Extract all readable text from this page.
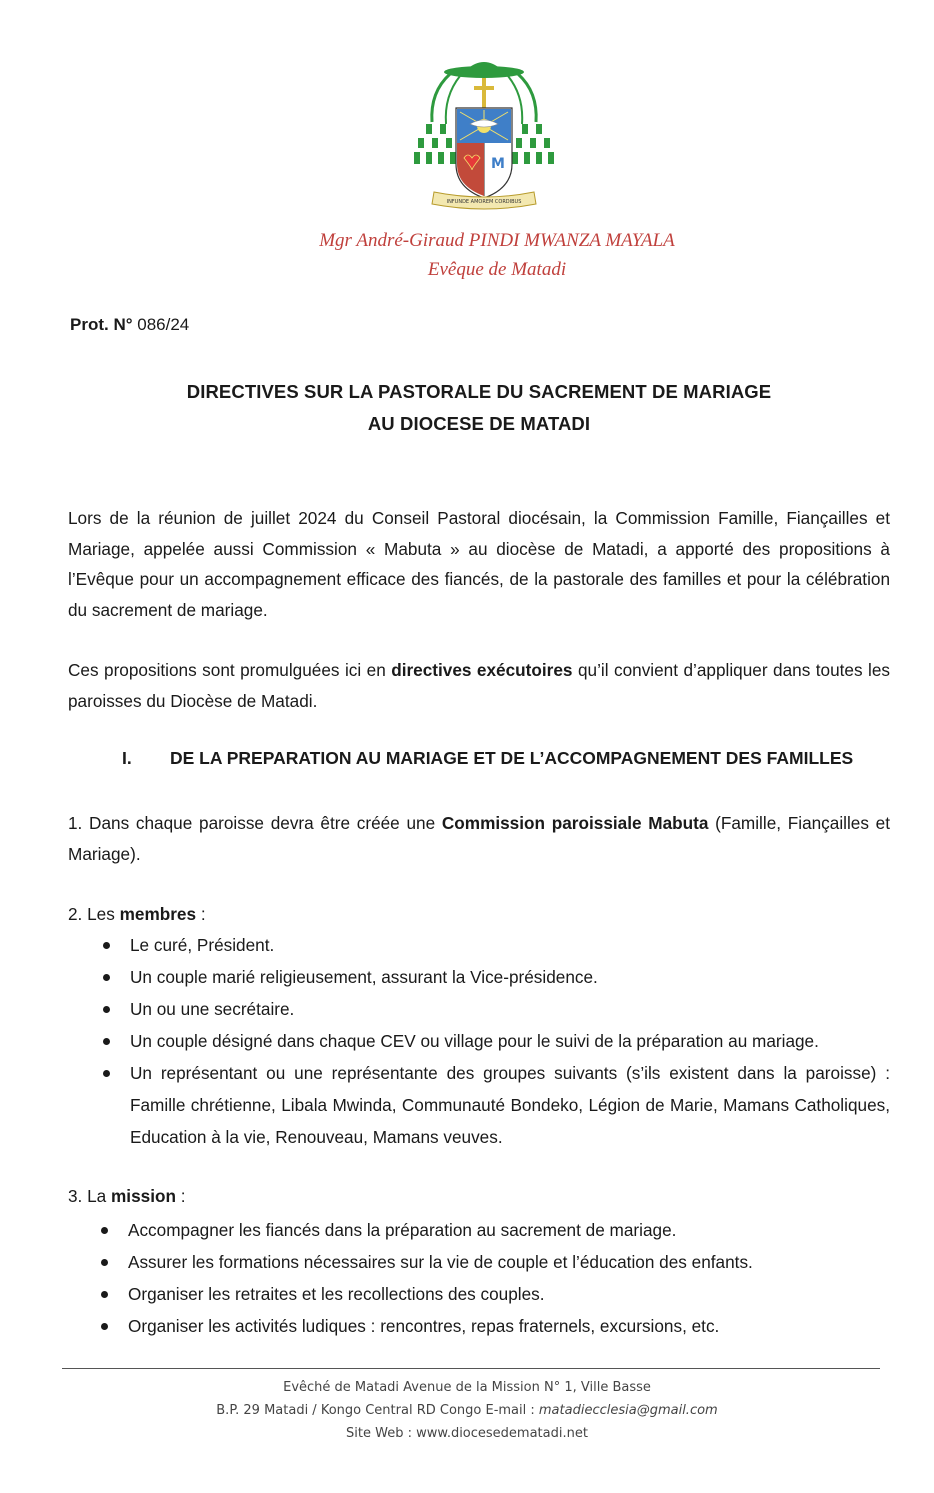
M
INFUNDE AMOREM CORDIBUS
Mgr André-Giraud PINDI MWANZA MAYALA
Evêque de Matadi
Prot. N° 086/24
DIRECTIVES SUR LA PASTORALE DU SACREMENT DE MARIAGE
AU DIOCESE DE MATADI
Lors de la réunion de juillet 2024 du Conseil Pastoral diocésain, la Commission Famille, Fiançailles et Mariage, appelée aussi Commission « Mabuta » au diocèse de Matadi, a apporté des propositions à l’Evêque pour un accompagnement efficace des fiancés, de la pastorale des familles et pour la célébration du sacrement de mariage.
Ces propositions sont promulguées ici en directives exécutoires qu’il convient d’appliquer dans toutes les paroisses du Diocèse de Matadi.
I. DE LA PREPARATION AU MARIAGE ET DE L’ACCOMPAGNEMENT DES FAMILLES
1. Dans chaque paroisse devra être créée une Commission paroissiale Mabuta (Famille, Fiançailles et Mariage).
2. Les membres :
Le curé, Président.
Un couple marié religieusement, assurant la Vice-présidence.
Un ou une secrétaire.
Un couple désigné dans chaque CEV ou village pour le suivi de la préparation au mariage.
Un représentant ou une représentante des groupes suivants (s’ils existent dans la paroisse) : Famille chrétienne, Libala Mwinda, Communauté Bondeko, Légion de Marie, Mamans Catholiques, Education à la vie, Renouveau, Mamans veuves.
3. La mission :
Accompagner les fiancés dans la préparation au sacrement de mariage.
Assurer les formations nécessaires sur la vie de couple et l’éducation des enfants.
Organiser les retraites et les recollections des couples.
Organiser les activités ludiques : rencontres, repas fraternels, excursions, etc.
Evêché de Matadi Avenue de la Mission N° 1, Ville Basse
B.P. 29 Matadi / Kongo Central RD Congo E-mail : matadiecclesia@gmail.com
Site Web : www.diocesedematadi.net
